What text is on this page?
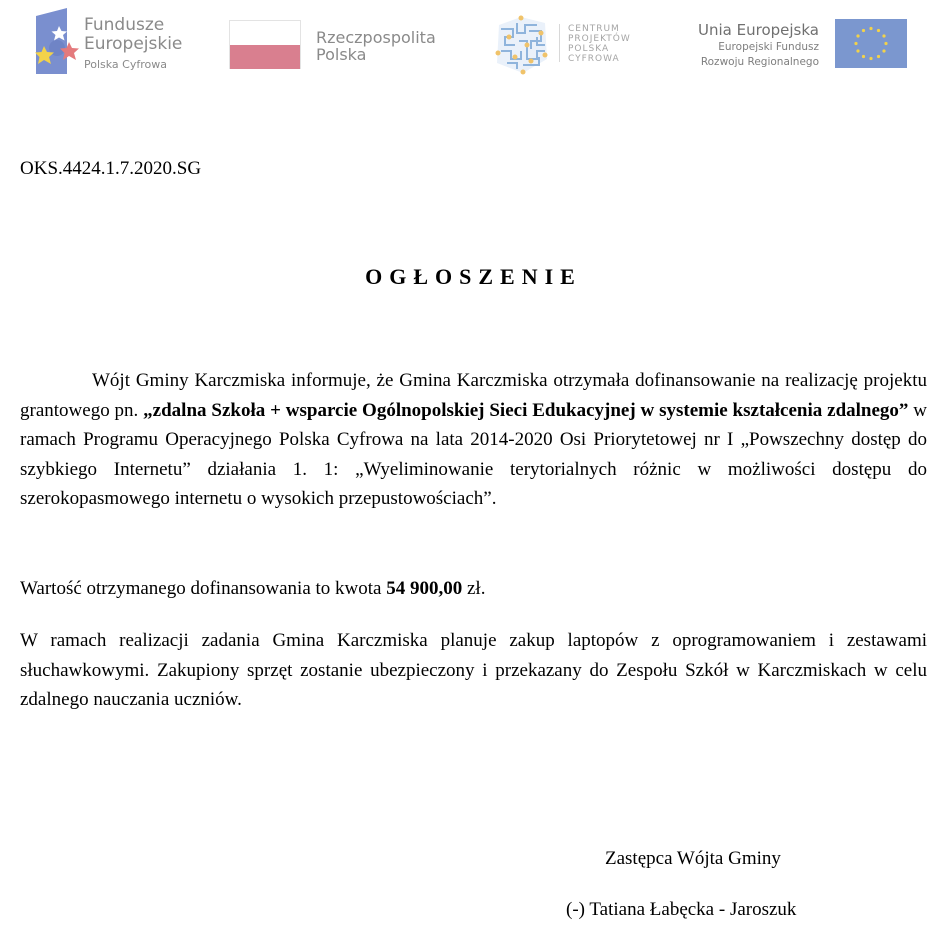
Fundusze
Europejskie
Polska Cyfrowa
Rzeczpospolita
Polska
CENTRUM
PROJEKTÓW
POLSKA
CYFROWA
Unia Europejska
Europejski Fundusz
Rozwoju Regionalnego
OKS.4424.1.7.2020.SG
OGŁOSZENIE
Wójt Gminy Karczmiska informuje, że Gmina Karczmiska otrzymała dofinansowanie na realizację projektu grantowego pn. „zdalna Szkoła + wsparcie Ogólnopolskiej Sieci Edukacyjnej w systemie kształcenia zdalnego” w ramach Programu Operacyjnego Polska Cyfrowa na lata 2014-2020 Osi Priorytetowej nr I „Powszechny dostęp do szybkiego Internetu” działania 1. 1: „Wyeliminowanie terytorialnych różnic w możliwości dostępu do szerokopasmowego internetu o wysokich przepustowościach”.
Wartość otrzymanego dofinansowania to kwota 54 900,00 zł.
W ramach realizacji zadania Gmina Karczmiska planuje zakup laptopów z oprogramowaniem i zestawami słuchawkowymi. Zakupiony sprzęt zostanie ubezpieczony i przekazany do Zespołu Szkół w Karczmiskach w celu zdalnego nauczania uczniów.
Zastępca Wójta Gminy
(-) Tatiana Łabęcka - Jaroszuk
